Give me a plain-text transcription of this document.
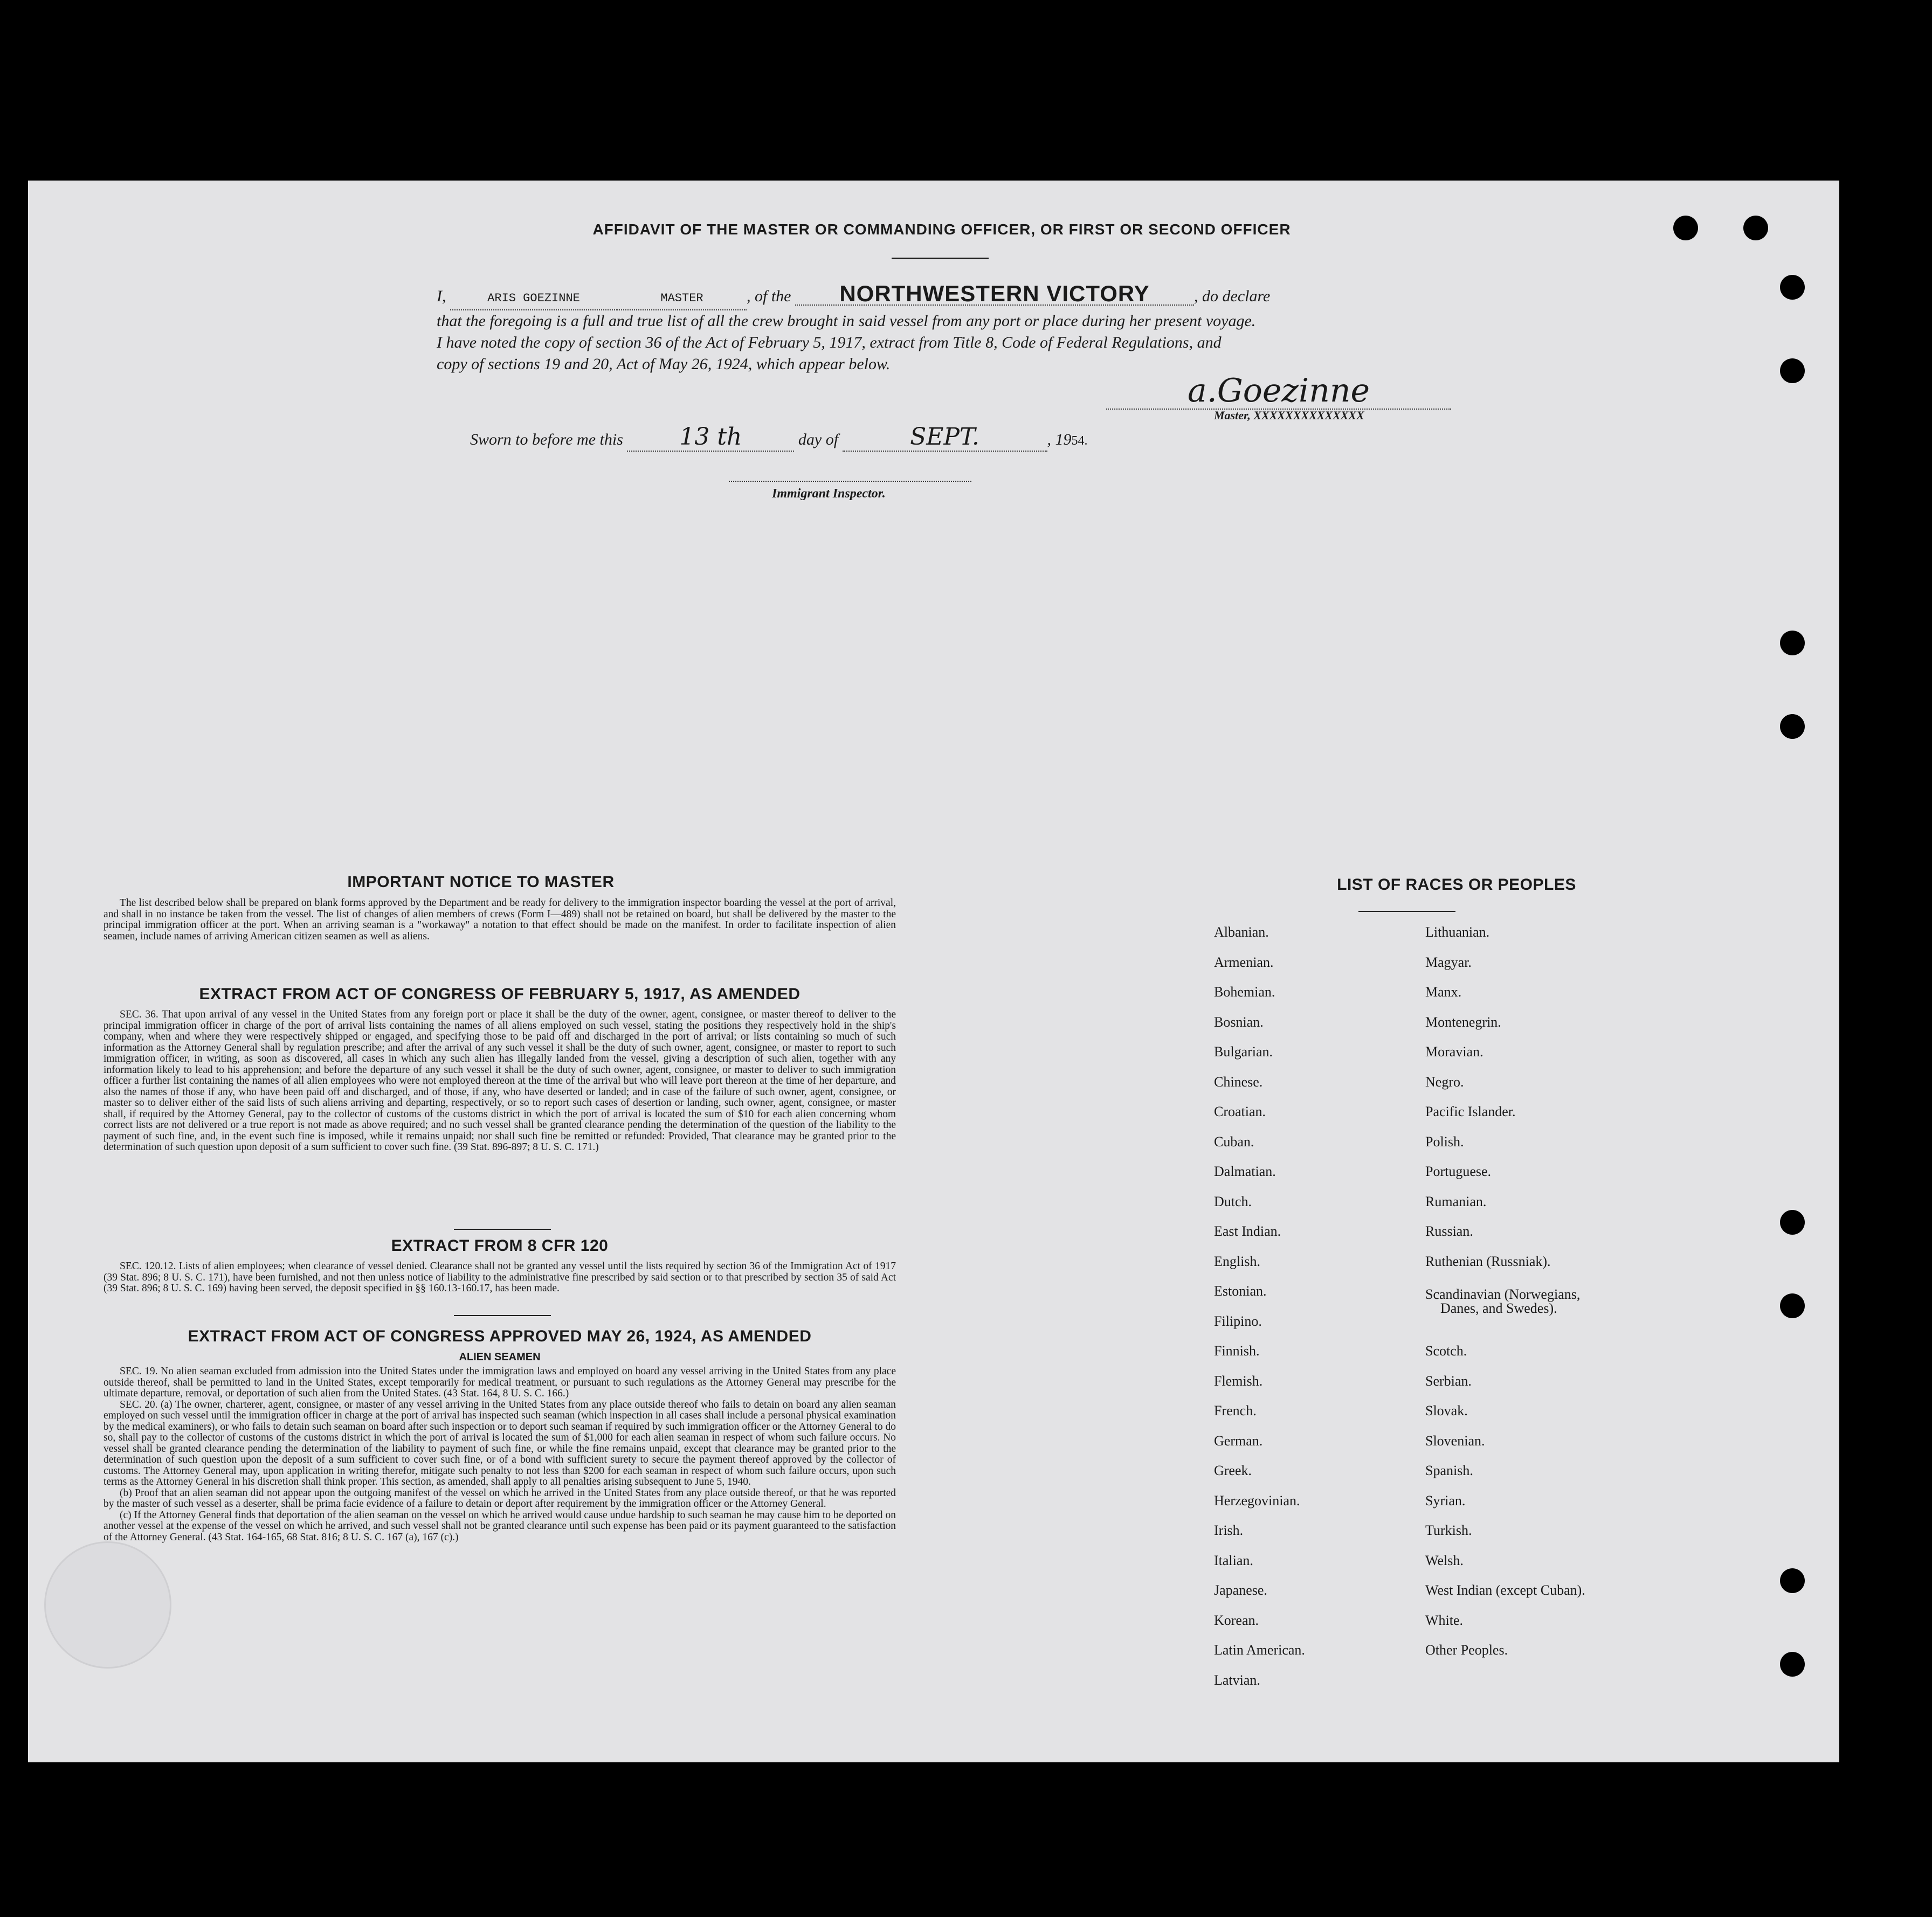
AFFIDAVIT OF THE MASTER OR COMMANDING OFFICER, OR FIRST OR SECOND OFFICER
I,	ARIS GOEZINNE	MASTER	, of the NORTHWESTERN VICTORY	, do declare
that the foregoing is a full and true list of all the crew brought in said vessel from any port or place during her present voyage.
I have noted the copy of section 36 of the Act of February 5, 1917, extract from Title 8, Code of Federal Regulations, and
copy of sections 19 and 20, Act of May 26, 1924, which appear below.
a.Goezinne
Master, XXXXXXXXXXXXXX
Sworn to before me this 13 th	day of	SEPT.	, 1954.
Immigrant Inspector.
IMPORTANT NOTICE TO MASTER

The list described below shall be prepared on blank forms approved by the Department and be ready for delivery to the immigration inspector boarding the vessel at the port of arrival, and shall in no instance be taken from the vessel. The list of changes of alien members of crews (Form I—489) shall not be retained on board, but shall be delivered by the master to the principal immigration officer at the port. When an arriving seaman is a "workaway" a notation to that effect should be made on the manifest. In order to facilitate inspection of alien seamen, include names of arriving American citizen seamen as well as aliens.

EXTRACT FROM ACT OF CONGRESS OF FEBRUARY 5, 1917, AS AMENDED

SEC. 36. That upon arrival of any vessel in the United States from any foreign port or place it shall be the duty of the owner, agent, consignee, or master thereof to deliver to the principal immigration officer in charge of the port of arrival lists containing the names of all aliens employed on such vessel, stating the positions they respectively hold in the ship's company, when and where they were respectively shipped or engaged, and specifying those to be paid off and discharged in the port of arrival; or lists containing so much of such information as the Attorney General shall by regulation prescribe; and after the arrival of any such vessel it shall be the duty of such owner, agent, consignee, or master to report to such immigration officer, in writing, as soon as discovered, all cases in which any such alien has illegally landed from the vessel, giving a description of such alien, together with any information likely to lead to his apprehension; and before the departure of any such vessel it shall be the duty of such owner, agent, consignee, or master to deliver to such immigration officer a further list containing the names of all alien employees who were not employed thereon at the time of the arrival but who will leave port thereon at the time of her departure, and also the names of those if any, who have been paid off and discharged, and of those, if any, who have deserted or landed; and in case of the failure of such owner, agent, consignee, or master so to deliver either of the said lists of such aliens arriving and departing, respectively, or so to report such cases of desertion or landing, such owner, agent, consignee, or master shall, if required by the Attorney General, pay to the collector of customs of the customs district in which the port of arrival is located the sum of $10 for each alien concerning whom correct lists are not delivered or a true report is not made as above required; and no such vessel shall be granted clearance pending the determination of the question of the liability to the payment of such fine, and, in the event such fine is imposed, while it remains unpaid; nor shall such fine be remitted or refunded: Provided, That clearance may be granted prior to the determination of such question upon deposit of a sum sufficient to cover such fine. (39 Stat. 896-897; 8 U. S. C. 171.)

EXTRACT FROM 8 CFR 120

SEC. 120.12. Lists of alien employees; when clearance of vessel denied. Clearance shall not be granted any vessel until the lists required by section 36 of the Immigration Act of 1917 (39 Stat. 896; 8 U. S. C. 171), have been furnished, and not then unless notice of liability to the administrative fine prescribed by said section or to that prescribed by section 35 of said Act (39 Stat. 896; 8 U. S. C. 169) having been served, the deposit specified in §§ 160.13-160.17, has been made.

EXTRACT FROM ACT OF CONGRESS APPROVED MAY 26, 1924, AS AMENDED
ALIEN SEAMEN

SEC. 19. No alien seaman excluded from admission into the United States under the immigration laws and employed on board any vessel arriving in the United States from any place outside thereof, shall be permitted to land in the United States, except temporarily for medical treatment, or pursuant to such regulations as the Attorney General may prescribe for the ultimate departure, removal, or deportation of such alien from the United States. (43 Stat. 164, 8 U. S. C. 166.)

SEC. 20. (a) The owner, charterer, agent, consignee, or master of any vessel arriving in the United States from any place outside thereof who fails to detain on board any alien seaman employed on such vessel until the immigration officer in charge at the port of arrival has inspected such seaman (which inspection in all cases shall include a personal physical examination by the medical examiners), or who fails to detain such seaman on board after such inspection or to deport such seaman if required by such immigration officer or the Attorney General to do so, shall pay to the collector of customs of the customs district in which the port of arrival is located the sum of $1,000 for each alien seaman in respect of whom such failure occurs. No vessel shall be granted clearance pending the determination of the liability to payment of such fine, or while the fine remains unpaid, except that clearance may be granted prior to the determination of such question upon the deposit of a sum sufficient to cover such fine, or of a bond with sufficient surety to secure the payment thereof approved by the collector of customs. The Attorney General may, upon application in writing therefor, mitigate such penalty to not less than $200 for each seaman in respect of whom such failure occurs, upon such terms as the Attorney General in his discretion shall think proper. This section, as amended, shall apply to all penalties arising subsequent to June 5, 1940.

(b) Proof that an alien seaman did not appear upon the outgoing manifest of the vessel on which he arrived in the United States from any place outside thereof, or that he was reported by the master of such vessel as a deserter, shall be prima facie evidence of a failure to detain or deport after requirement by the immigration officer or the Attorney General.

(c) If the Attorney General finds that deportation of the alien seaman on the vessel on which he arrived would cause undue hardship to such seaman he may cause him to be deported on another vessel at the expense of the vessel on which he arrived, and such vessel shall not be granted clearance until such expense has been paid or its payment guaranteed to the satisfaction of the Attorney General. (43 Stat. 164-165, 68 Stat. 816; 8 U. S. C. 167 (a), 167 (c).)

LIST OF RACES OR PEOPLES
Albanian.
Armenian.
Bohemian.
Bosnian.
Bulgarian.
Chinese.
Croatian.
Cuban.
Dalmatian.
Dutch.
East Indian.
English.
Estonian.
Filipino.
Finnish.
Flemish.
French.
German.
Greek.
Herzegovinian.
Irish.
Italian.
Japanese.
Korean.
Latin American.
Latvian.
Lithuanian.
Magyar.
Manx.
Montenegrin.
Moravian.
Negro.
Pacific Islander.
Polish.
Portuguese.
Rumanian.
Russian.
Ruthenian (Russniak).
Scandinavian (Norwegians,
Danes, and Swedes).
Scotch.
Serbian.
Slovak.
Slovenian.
Spanish.
Syrian.
Turkish.
Welsh.
West Indian (except Cuban).
White.
Other Peoples.
